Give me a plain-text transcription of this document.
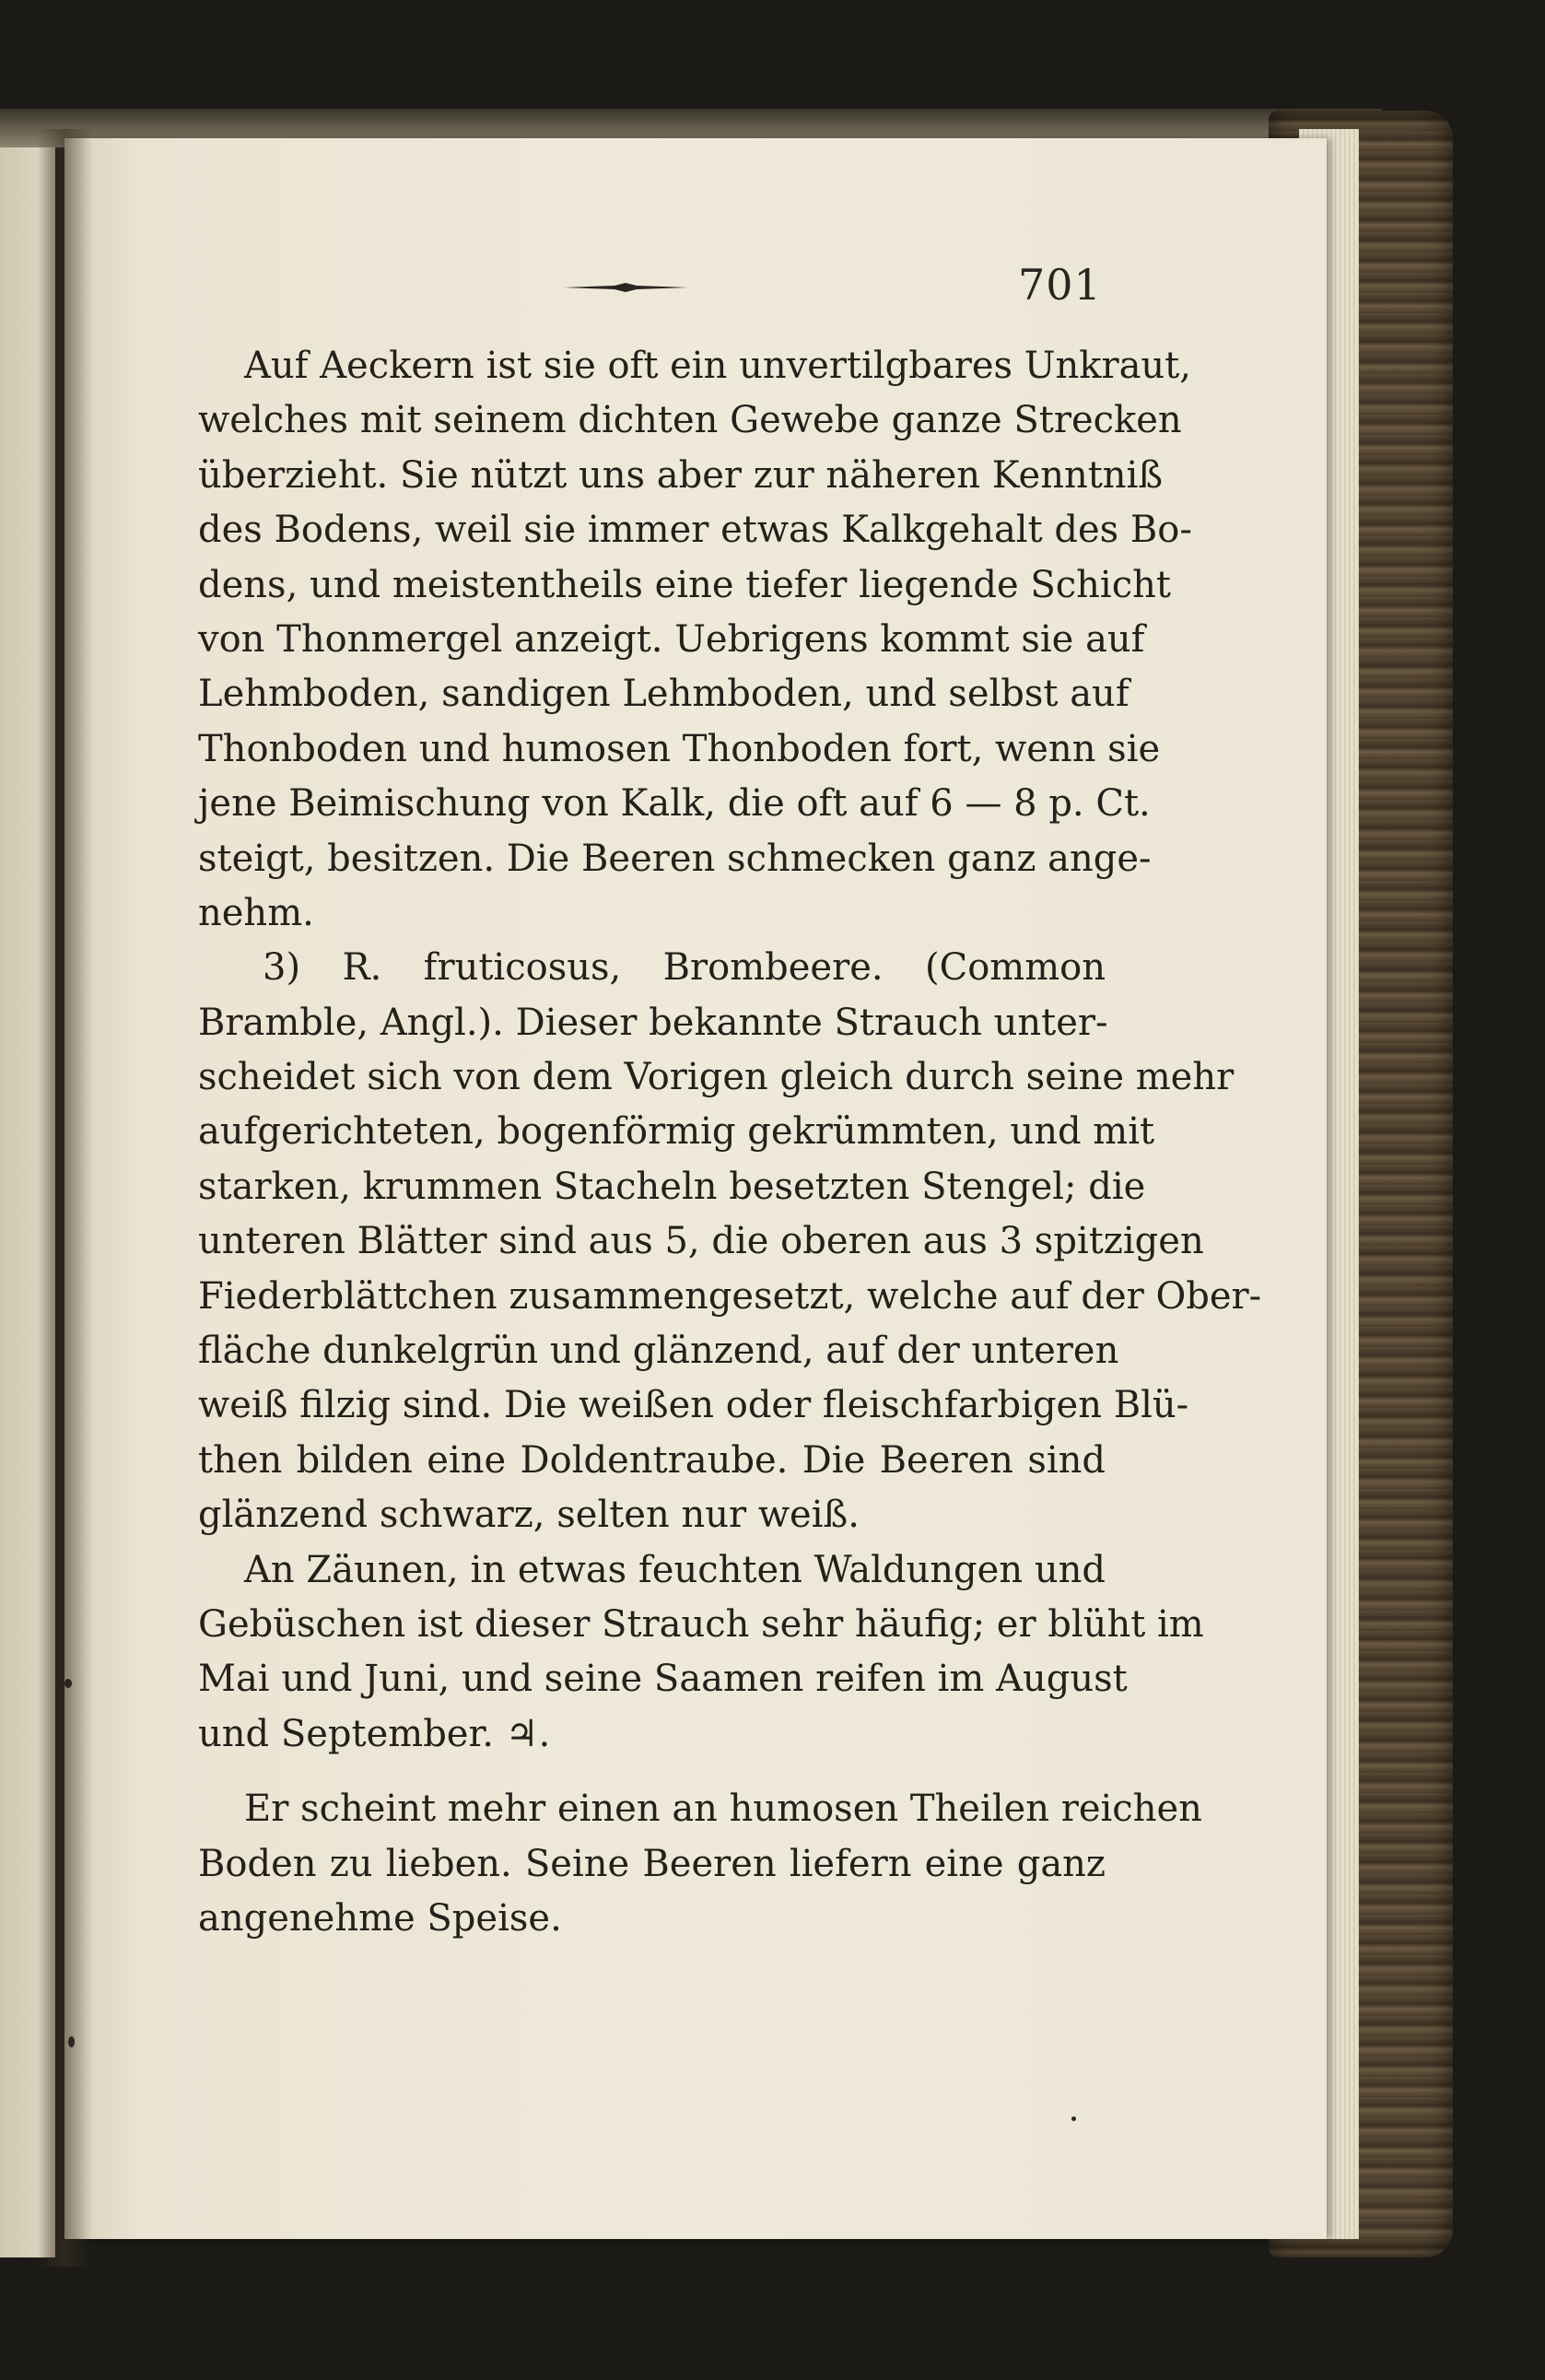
701
Auf Aeckern ist sie oft ein unvertilgbares Unkraut,
welches mit seinem dichten Gewebe ganze Strecken
überzieht. Sie nützt uns aber zur näheren Kenntniß
des Bodens, weil sie immer etwas Kalkgehalt des Bo-
dens, und meistentheils eine tiefer liegende Schicht
von Thonmergel anzeigt. Uebrigens kommt sie auf
Lehmboden, sandigen Lehmboden, und selbst auf
Thonboden und humosen Thonboden fort, wenn sie
jene Beimischung von Kalk, die oft auf 6 — 8 p. Ct.
steigt, besitzen. Die Beeren schmecken ganz ange-
nehm.
3) R. fruticosus, Brombeere. (Common
Bramble, Angl.). Dieser bekannte Strauch unter-
scheidet sich von dem Vorigen gleich durch seine mehr
aufgerichteten, bogenförmig gekrümmten, und mit
starken, krummen Stacheln besetzten Stengel; die
unteren Blätter sind aus 5, die oberen aus 3 spitzigen
Fiederblättchen zusammengesetzt, welche auf der Ober-
fläche dunkelgrün und glänzend, auf der unteren
weiß filzig sind. Die weißen oder fleischfarbigen Blü-
then bilden eine Doldentraube. Die Beeren sind
glänzend schwarz, selten nur weiß.
An Zäunen, in etwas feuchten Waldungen und
Gebüschen ist dieser Strauch sehr häufig; er blüht im
Mai und Juni, und seine Saamen reifen im August
und September. ♃.
Er scheint mehr einen an humosen Theilen reichen
Boden zu lieben. Seine Beeren liefern eine ganz
angenehme Speise.
